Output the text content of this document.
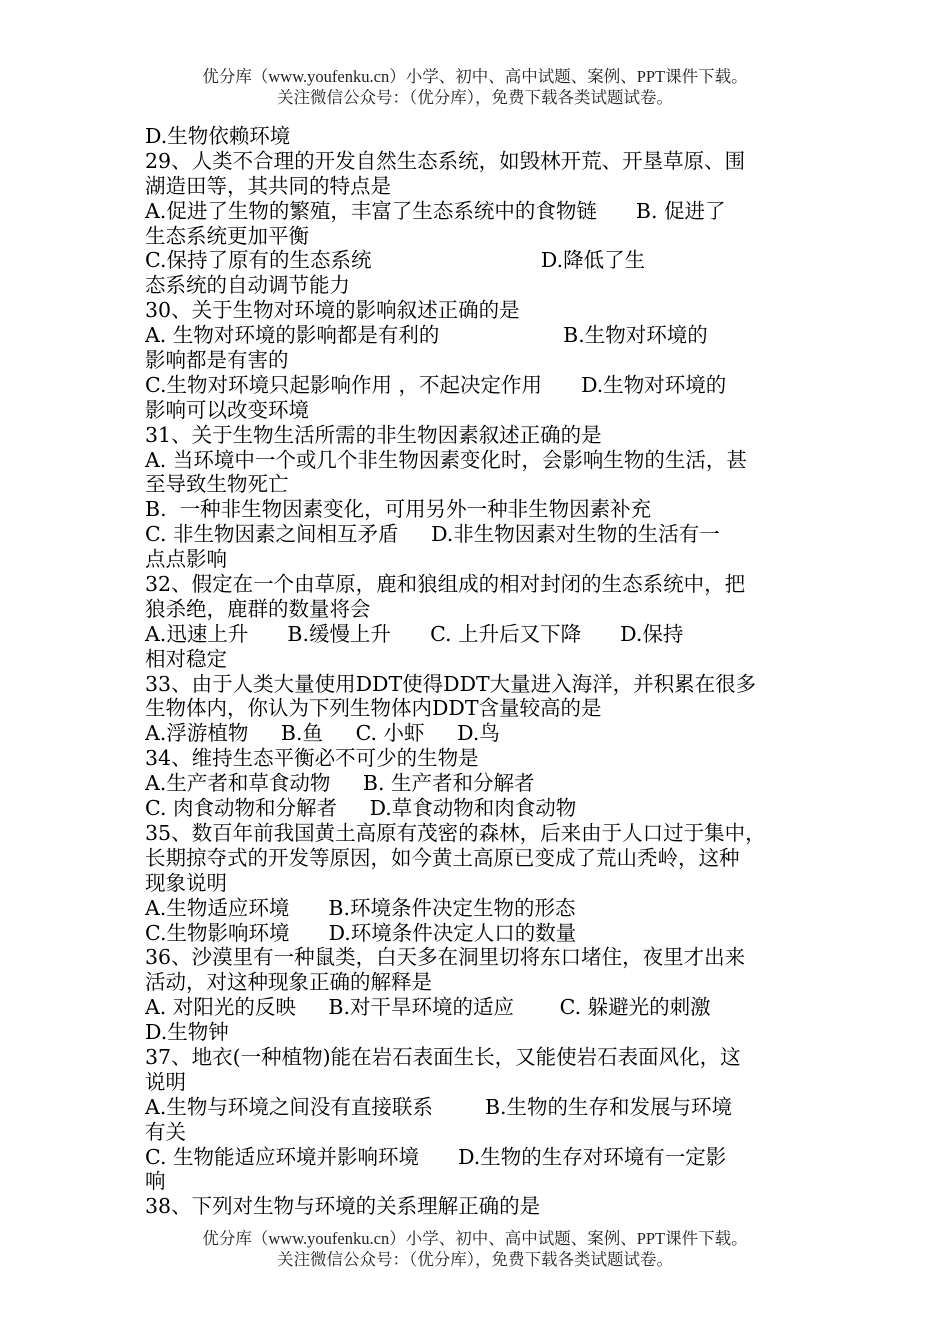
优分库（www.youfenku.cn）小学、初中、高中试题、案例、PPT课件下载。
关注微信公众号：（优分库），免费下载各类试题试卷。
D.生物依赖环境
29、人类不合理的开发自然生态系统，如毁林开荒、开垦草原、围
湖造田等，其共同的特点是
A.促进了生物的繁殖，丰富了生态系统中的食物链      B. 促进了
生态系统更加平衡
C.保持了原有的生态系统                          D.降低了生
态系统的自动调节能力
30、关于生物对环境的影响叙述正确的是
A. 生物对环境的影响都是有利的                   B.生物对环境的
影响都是有害的
C.生物对环境只起影响作用 ，不起决定作用      D.生物对环境的
影响可以改变环境
31、关于生物生活所需的非生物因素叙述正确的是
A. 当环境中一个或几个非生物因素变化时，会影响生物的生活，甚
至导致生物死亡
B.  一种非生物因素变化，可用另外一种非生物因素补充
C. 非生物因素之间相互矛盾     D.非生物因素对生物的生活有一
点点影响
32、假定在一个由草原，鹿和狼组成的相对封闭的生态系统中，把
狼杀绝，鹿群的数量将会
A.迅速上升      B.缓慢上升      C. 上升后又下降      D.保持
相对稳定
33、由于人类大量使用DDT使得DDT大量进入海洋，并积累在很多
生物体内，你认为下列生物体内DDT含量较高的是
A.浮游植物     B.鱼     C. 小虾     D.鸟
34、维持生态平衡必不可少的生物是
A.生产者和草食动物     B. 生产者和分解者
C. 肉食动物和分解者     D.草食动物和肉食动物
35、数百年前我国黄土高原有茂密的森林，后来由于人口过于集中，
长期掠夺式的开发等原因，如今黄土高原已变成了荒山秃岭，这种
现象说明
A.生物适应环境      B.环境条件决定生物的形态
C.生物影响环境      D.环境条件决定人口的数量
36、沙漠里有一种鼠类，白天多在洞里切将东口堵住，夜里才出来
活动，对这种现象正确的解释是
A. 对阳光的反映     B.对干旱环境的适应       C. 躲避光的刺激
D.生物钟
37、地衣(一种植物)能在岩石表面生长，又能使岩石表面风化，这
说明
A.生物与环境之间没有直接联系        B.生物的生存和发展与环境
有关
C. 生物能适应环境并影响环境      D.生物的生存对环境有一定影
响
38、下列对生物与环境的关系理解正确的是
优分库（www.youfenku.cn）小学、初中、高中试题、案例、PPT课件下载。
关注微信公众号：（优分库），免费下载各类试题试卷。
